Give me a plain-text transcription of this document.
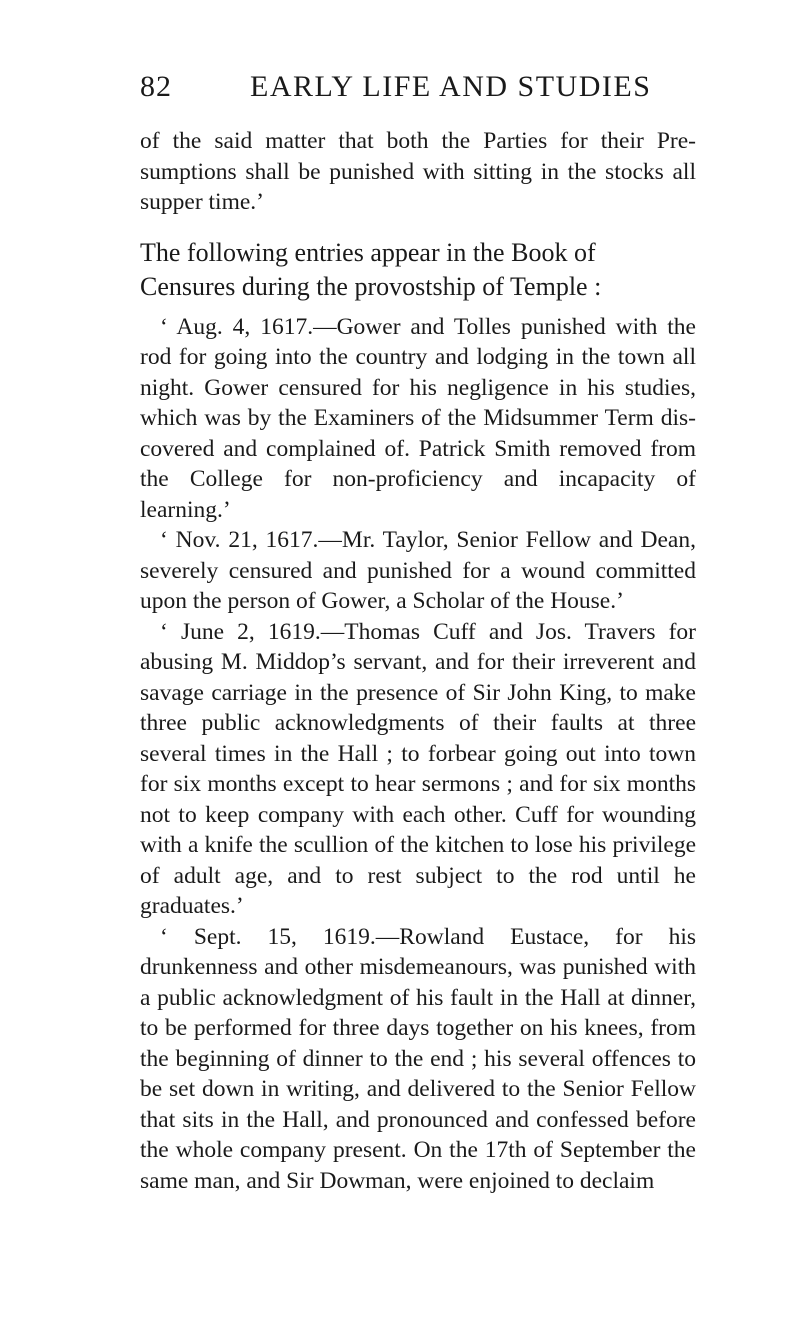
82	EARLY LIFE AND STUDIES

of the said matter that both the Parties for their Pre-sumptions shall be punished with sitting in the stocks all supper time.’

The following entries appear in the Book of Censures during the provostship of Temple :

‘ Aug. 4, 1617.—Gower and Tolles punished with the rod for going into the country and lodging in the town all night. Gower censured for his negligence in his studies, which was by the Examiners of the Midsummer Term dis-covered and complained of. Patrick Smith removed from the College for non-proficiency and incapacity of learning.’

‘ Nov. 21, 1617.—Mr. Taylor, Senior Fellow and Dean, severely censured and punished for a wound committed upon the person of Gower, a Scholar of the House.’

‘ June 2, 1619.—Thomas Cuff and Jos. Travers for abusing M. Middop’s servant, and for their irreverent and savage carriage in the presence of Sir John King, to make three public acknowledgments of their faults at three several times in the Hall ; to forbear going out into town for six months except to hear sermons ; and for six months not to keep company with each other. Cuff for wounding with a knife the scullion of the kitchen to lose his privilege of adult age, and to rest subject to the rod until he graduates.’

‘ Sept. 15, 1619.—Rowland Eustace, for his drunkenness and other misdemeanours, was punished with a public acknowledgment of his fault in the Hall at dinner, to be performed for three days together on his knees, from the beginning of dinner to the end ; his several offences to be set down in writing, and delivered to the Senior Fellow that sits in the Hall, and pronounced and confessed before the whole company present. On the 17th of September the same man, and Sir Dowman, were enjoined to declaim
